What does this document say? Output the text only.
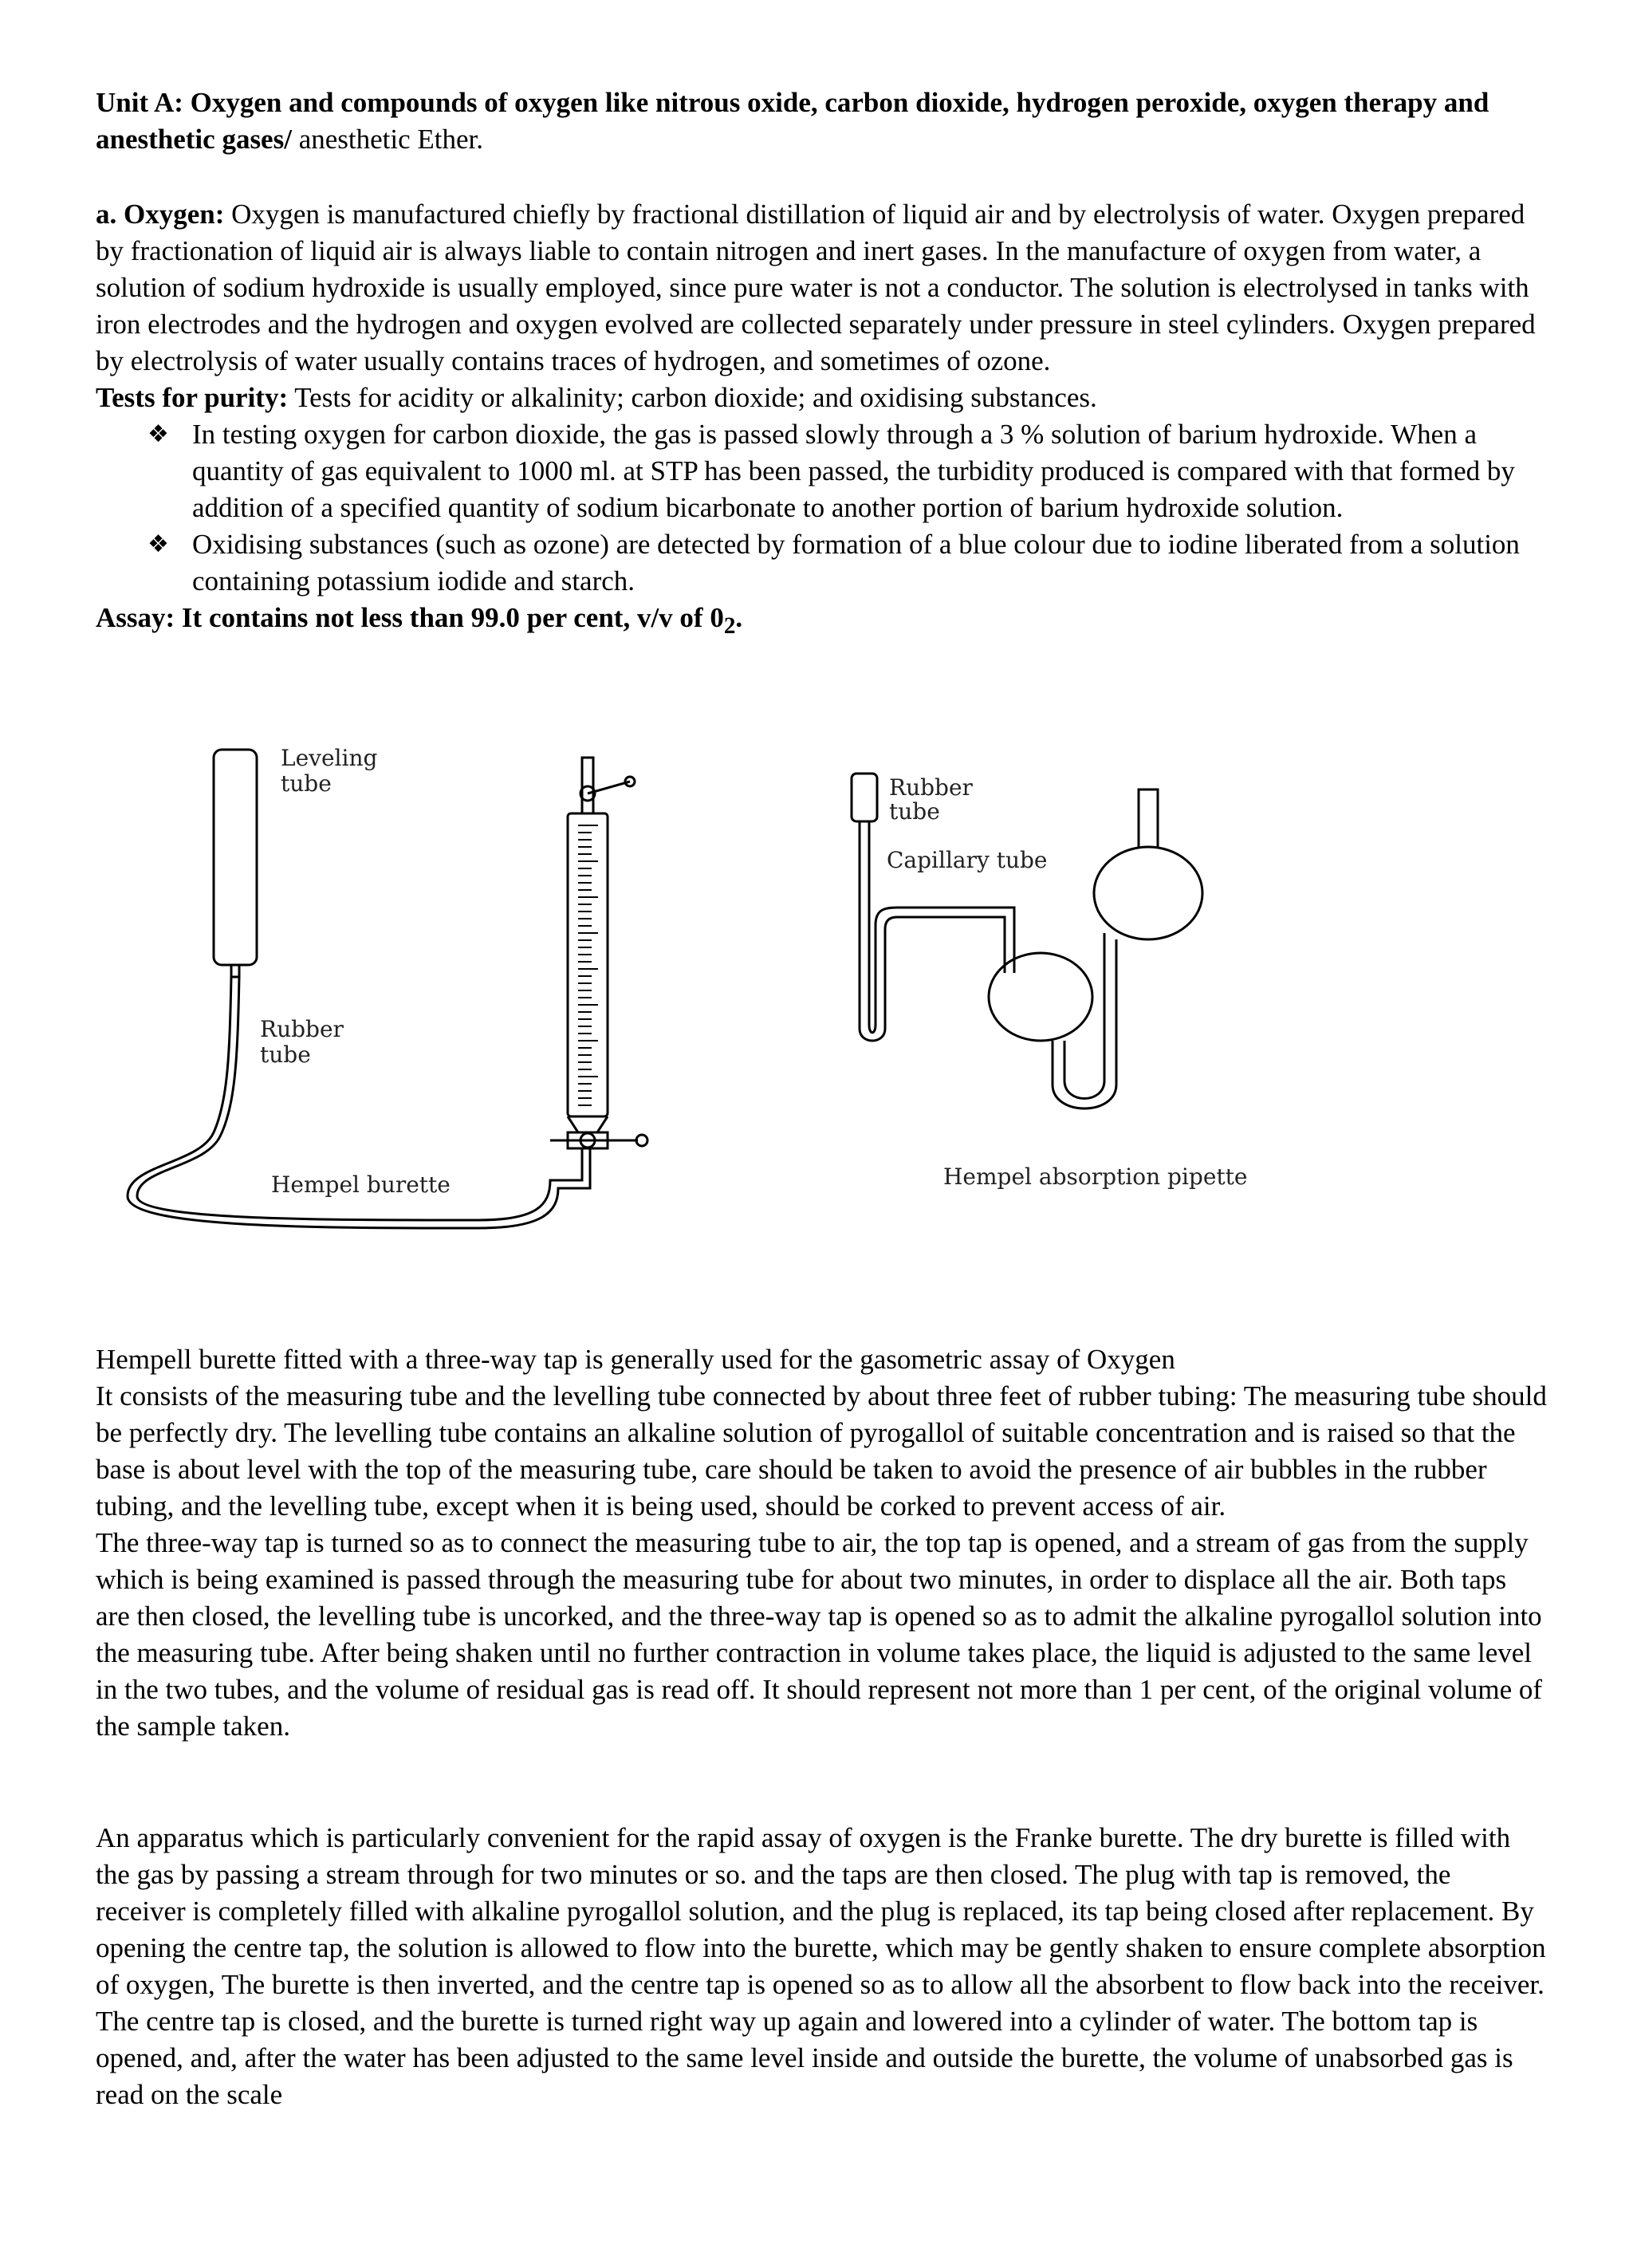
Unit A: Oxygen and compounds of oxygen like nitrous oxide, carbon dioxide, hydrogen peroxide, oxygen therapy and anesthetic gases/ anesthetic Ether.

a. Oxygen: Oxygen is manufactured chiefly by fractional distillation of liquid air and by electrolysis of water. Oxygen prepared by fractionation of liquid air is always liable to contain nitrogen and inert gases. In the manufacture of oxygen from water, a solution of sodium hydroxide is usually employed, since pure water is not a conductor. The solution is electrolysed in tanks with iron electrodes and the hydrogen and oxygen evolved are collected separately under pressure in steel cylinders. Oxygen prepared by electrolysis of water usually contains traces of hydrogen, and sometimes of ozone.

Tests for purity: Tests for acidity or alkalinity; carbon dioxide; and oxidising substances.

❖ In testing oxygen for carbon dioxide, the gas is passed slowly through a 3 % solution of barium hydroxide. When a quantity of gas equivalent to 1000 ml. at STP has been passed, the turbidity produced is compared with that formed by addition of a specified quantity of sodium bicarbonate to another portion of barium hydroxide solution.
❖ Oxidising substances (such as ozone) are detected by formation of a blue colour due to iodine liberated from a solution containing potassium iodide and starch.

Assay: It contains not less than 99.0 per cent, v/v of $0_2$.

Leveling
tube
Rubber
tube
Hempel burette
Rubber
tube
Capillary tube
Hempel absorption pipette

Hempell burette fitted with a three-way tap is generally used for the gasometric assay of Oxygen

It consists of the measuring tube and the levelling tube connected by about three feet of rubber tubing: The measuring tube should be perfectly dry. The levelling tube contains an alkaline solution of pyrogallol of suitable concentration and is raised so that the base is about level with the top of the measuring tube, care should be taken to avoid the presence of air bubbles in the rubber tubing, and the levelling tube, except when it is being used, should be corked to prevent access of air.

The three-way tap is turned so as to connect the measuring tube to air, the top tap is opened, and a stream of gas from the supply which is being examined is passed through the measuring tube for about two minutes, in order to displace all the air. Both taps are then closed, the levelling tube is uncorked, and the three-way tap is opened so as to admit the alkaline pyrogallol solution into the measuring tube. After being shaken until no further contraction in volume takes place, the liquid is adjusted to the same level in the two tubes, and the volume of residual gas is read off. It should represent not more than 1 per cent, of the original volume of the sample taken.

An apparatus which is particularly convenient for the rapid assay of oxygen is the Franke burette. The dry burette is filled with the gas by passing a stream through for two minutes or so. and the taps are then closed. The plug with tap is removed, the receiver is completely filled with alkaline pyrogallol solution, and the plug is replaced, its tap being closed after replacement. By opening the centre tap, the solution is allowed to flow into the burette, which may be gently shaken to ensure complete absorption of oxygen, The burette is then inverted, and the centre tap is opened so as to allow all the absorbent to flow back into the receiver. The centre tap is closed, and the burette is turned right way up again and lowered into a cylinder of water. The bottom tap is opened, and, after the water has been adjusted to the same level inside and outside the burette, the volume of unabsorbed gas is read on the scale
